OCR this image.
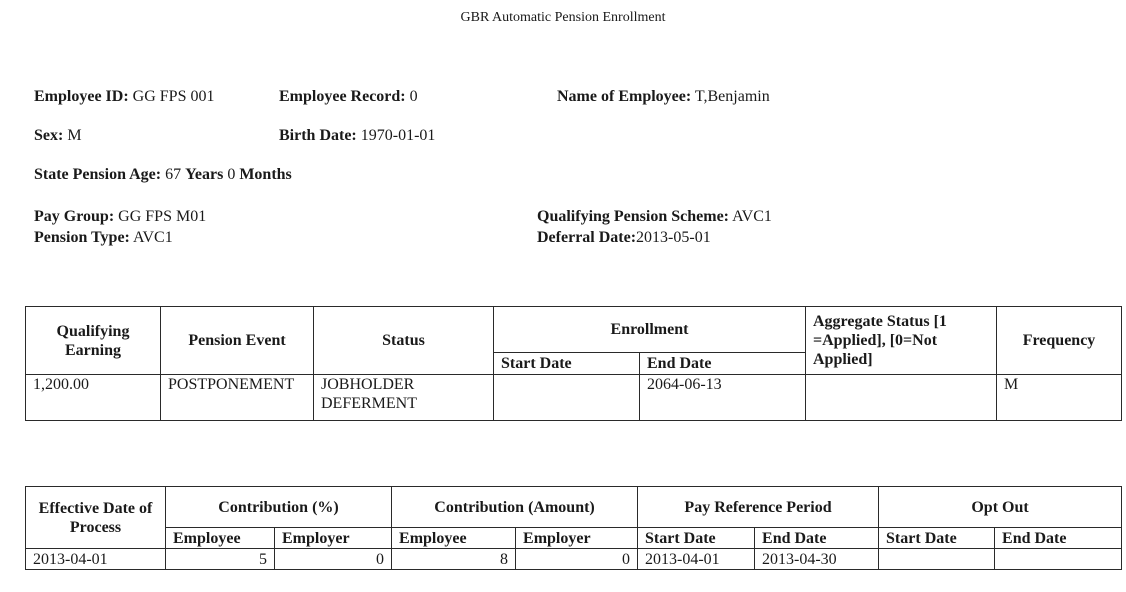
GBR Automatic Pension Enrollment
Employee ID: GG FPS 001	Employee Record: 0	Name of Employee: T,Benjamin
Sex: M	Birth Date: 1970-01-01
State Pension Age: 67 Years 0 Months
Pay Group: GG FPS M01
Pension Type: AVC1
Qualifying Pension Scheme: AVC1
Deferral Date:2013-05-01
Qualifying Earning	Pension Event	Status	Enrollment		Aggregate Status [1 =Applied], [0=Not Applied]	Frequency
			Start Date	End Date		
1,200.00	POSTPONEMENT	JOBHOLDER DEFERMENT		2064-06-13		M
Effective Date of Process	Contribution (%)		Contribution (Amount)		Pay Reference Period		Opt Out	
	Employee	Employer	Employee	Employer	Start Date	End Date	Start Date	End Date
2013-04-01	5	0	8	0	2013-04-01	2013-04-30		
